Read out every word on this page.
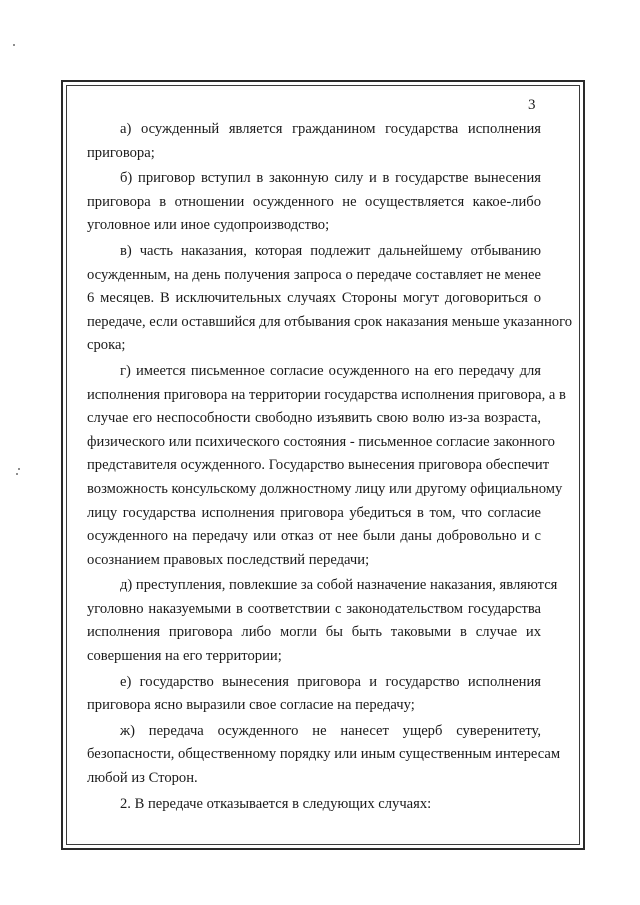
3
а) осужденный является гражданином государства исполнения
приговора;
б) приговор вступил в законную силу и в государстве вынесения
приговора в отношении осужденного не осуществляется какое-либо
уголовное или иное судопроизводство;
в) часть наказания, которая подлежит дальнейшему отбыванию
осужденным, на день получения запроса о передаче составляет не менее
6 месяцев. В исключительных случаях Стороны могут договориться о
передаче, если оставшийся для отбывания срок наказания меньше указанного
срока;
г) имеется письменное согласие осужденного на его передачу для
исполнения приговора на территории государства исполнения приговора, а в
случае его неспособности свободно изъявить свою волю из-за возраста,
физического или психического состояния - письменное согласие законного
представителя осужденного. Государство вынесения приговора обеспечит
возможность консульскому должностному лицу или другому официальному
лицу государства исполнения приговора убедиться в том, что согласие
осужденного на передачу или отказ от нее были даны добровольно и с
осознанием правовых последствий передачи;
д) преступления, повлекшие за собой назначение наказания, являются
уголовно наказуемыми в соответствии с законодательством государства
исполнения приговора либо могли бы быть таковыми в случае их
совершения на его территории;
е) государство вынесения приговора и государство исполнения
приговора ясно выразили свое согласие на передачу;
ж) передача осужденного не нанесет ущерб суверенитету,
безопасности, общественному порядку или иным существенным интересам
любой из Сторон.
2. В передаче отказывается в следующих случаях:
